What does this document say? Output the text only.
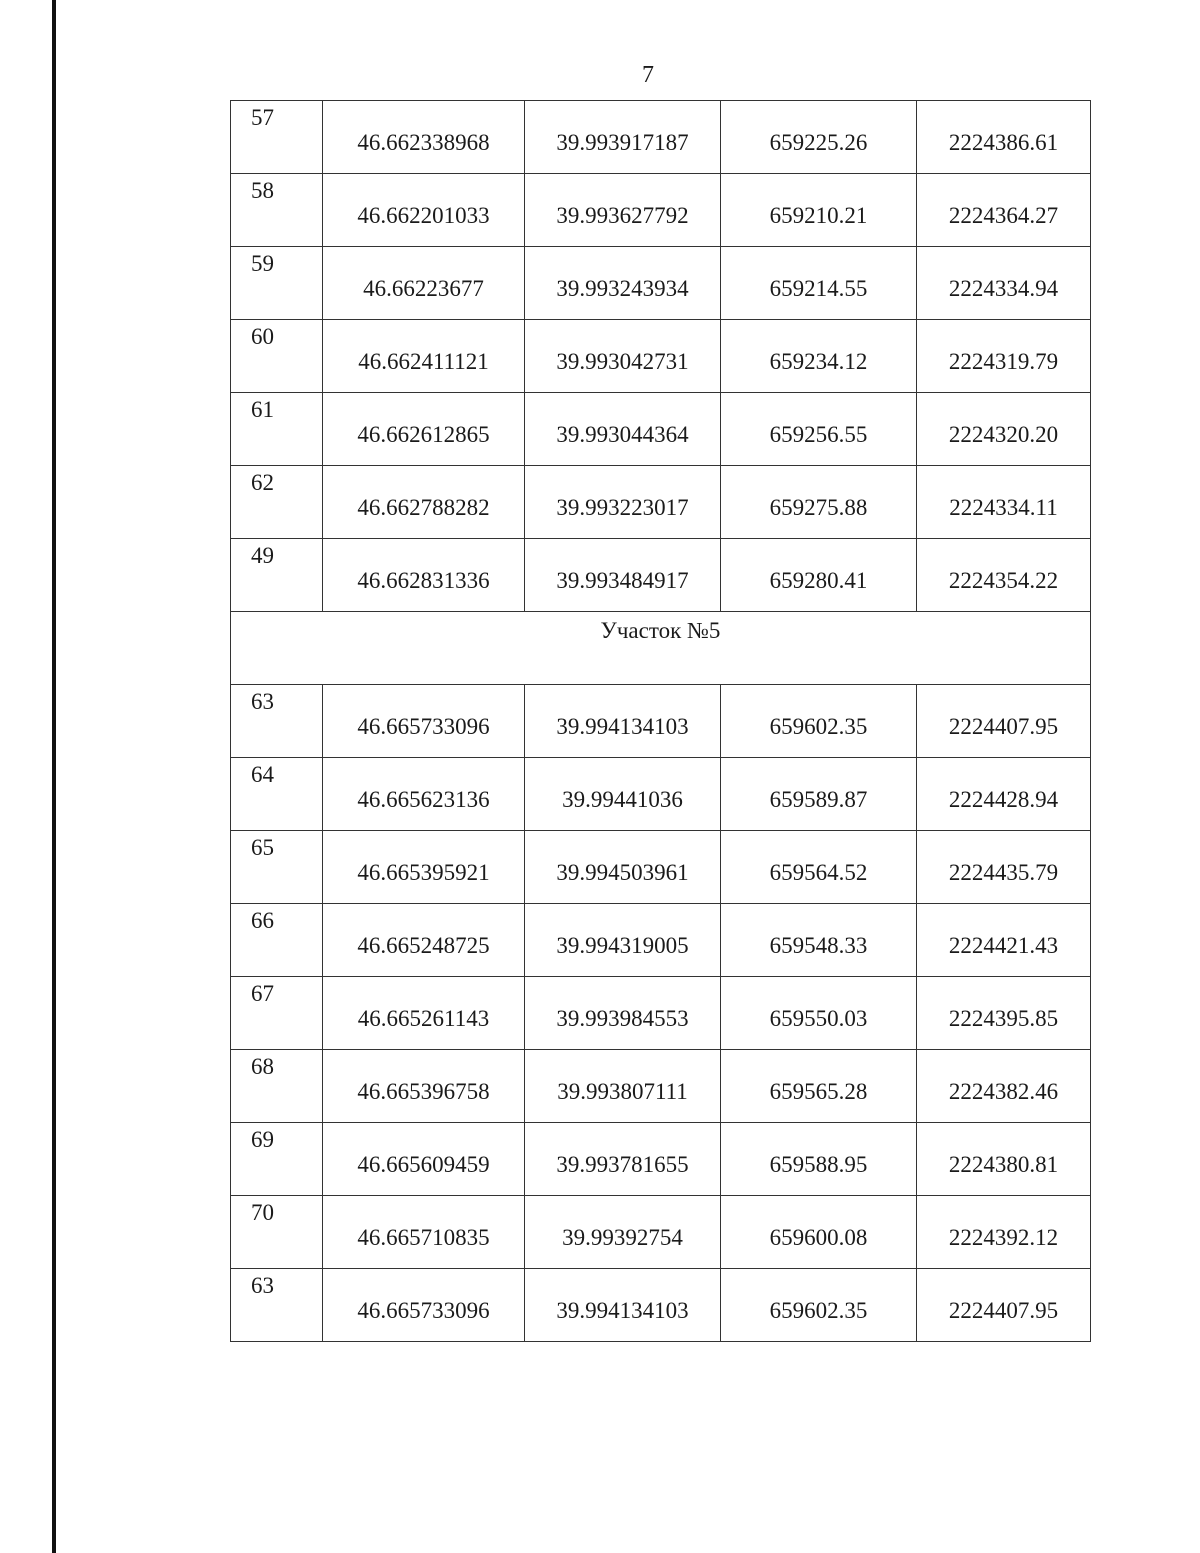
7
57	46.662338968	39.993917187	659225.26	2224386.61
58	46.662201033	39.993627792	659210.21	2224364.27
59	46.66223677	39.993243934	659214.55	2224334.94
60	46.662411121	39.993042731	659234.12	2224319.79
61	46.662612865	39.993044364	659256.55	2224320.20
62	46.662788282	39.993223017	659275.88	2224334.11
49	46.662831336	39.993484917	659280.41	2224354.22
Участок №5				
63	46.665733096	39.994134103	659602.35	2224407.95
64	46.665623136	39.99441036	659589.87	2224428.94
65	46.665395921	39.994503961	659564.52	2224435.79
66	46.665248725	39.994319005	659548.33	2224421.43
67	46.665261143	39.993984553	659550.03	2224395.85
68	46.665396758	39.993807111	659565.28	2224382.46
69	46.665609459	39.993781655	659588.95	2224380.81
70	46.665710835	39.99392754	659600.08	2224392.12
63	46.665733096	39.994134103	659602.35	2224407.95
